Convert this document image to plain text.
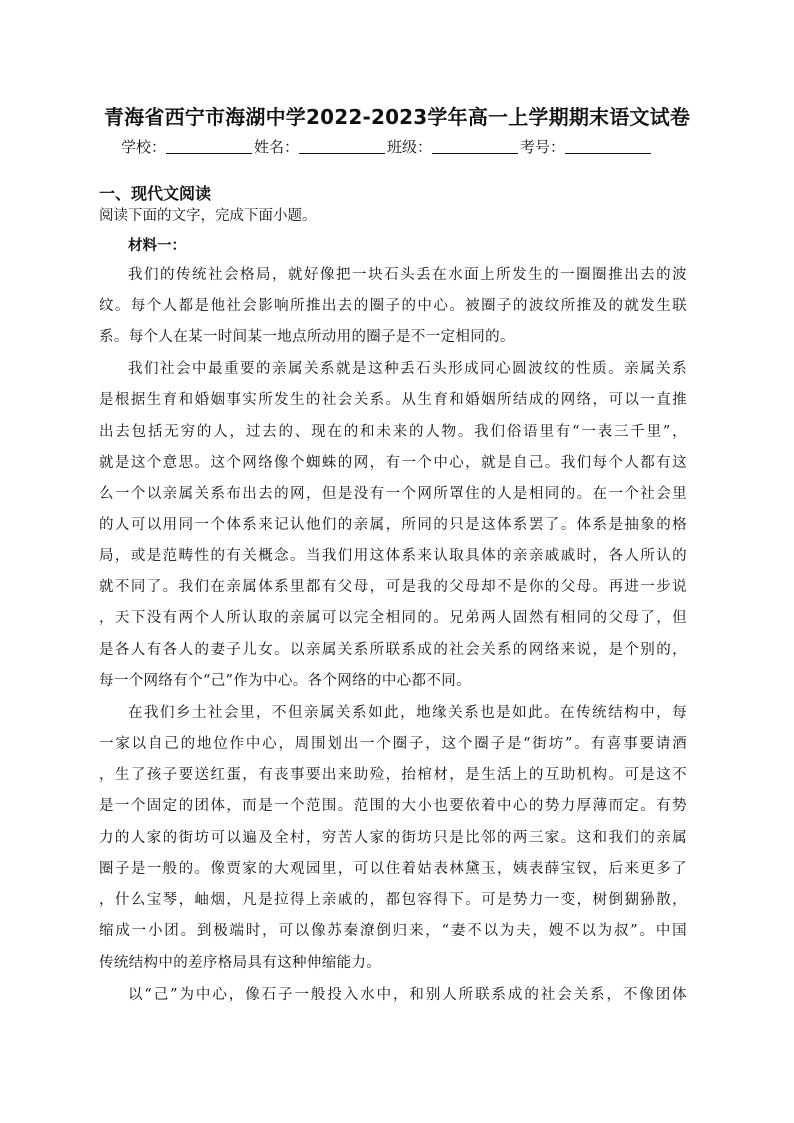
青海省西宁市海湖中学2022-2023学年高一上学期期末语文试卷
学校：	姓名：	班级：	考号：
一、现代文阅读
阅读下面的文字，完成下面小题。
材料一：
我们的传统社会格局，就好像把一块石头丢在水面上所发生的一圈圈推出去的波
纹。每个人都是他社会影响所推出去的圈子的中心。被圈子的波纹所推及的就发生联
系。每个人在某一时间某一地点所动用的圈子是不一定相同的。
我们社会中最重要的亲属关系就是这种丢石头形成同心圆波纹的性质。亲属关系
是根据生育和婚姻事实所发生的社会关系。从生育和婚姻所结成的网络，可以一直推
出去包括无穷的人，过去的、现在的和未来的人物。我们俗语里有“一表三千里”，
就是这个意思。这个网络像个蜘蛛的网，有一个中心，就是自己。我们每个人都有这
么一个以亲属关系布出去的网，但是没有一个网所罩住的人是相同的。在一个社会里
的人可以用同一个体系来记认他们的亲属，所同的只是这体系罢了。体系是抽象的格
局，或是范畴性的有关概念。当我们用这体系来认取具体的亲亲戚戚时，各人所认的
就不同了。我们在亲属体系里都有父母，可是我的父母却不是你的父母。再进一步说
，天下没有两个人所认取的亲属可以完全相同的。兄弟两人固然有相同的父母了，但
是各人有各人的妻子儿女。以亲属关系所联系成的社会关系的网络来说，是个别的，
每一个网络有个“己”作为中心。各个网络的中心都不同。
在我们乡土社会里，不但亲属关系如此，地缘关系也是如此。在传统结构中，每
一家以自己的地位作中心，周围划出一个圈子，这个圈子是“街坊”。有喜事要请酒
，生了孩子要送红蛋，有丧事要出来助殓，抬棺材，是生活上的互助机构。可是这不
是一个固定的团体，而是一个范围。范围的大小也要依着中心的势力厚薄而定。有势
力的人家的街坊可以遍及全村，穷苦人家的街坊只是比邻的两三家。这和我们的亲属
圈子是一般的。像贾家的大观园里，可以住着姑表林黛玉，姨表薛宝钗，后来更多了
，什么宝琴，岫烟，凡是拉得上亲戚的，都包容得下。可是势力一变，树倒猢狲散，
缩成一小团。到极端时，可以像苏秦潦倒归来，“妻不以为夫，嫂不以为叔”。中国
传统结构中的差序格局具有这种伸缩能力。
以“己”为中心，像石子一般投入水中，和别人所联系成的社会关系，不像团体
